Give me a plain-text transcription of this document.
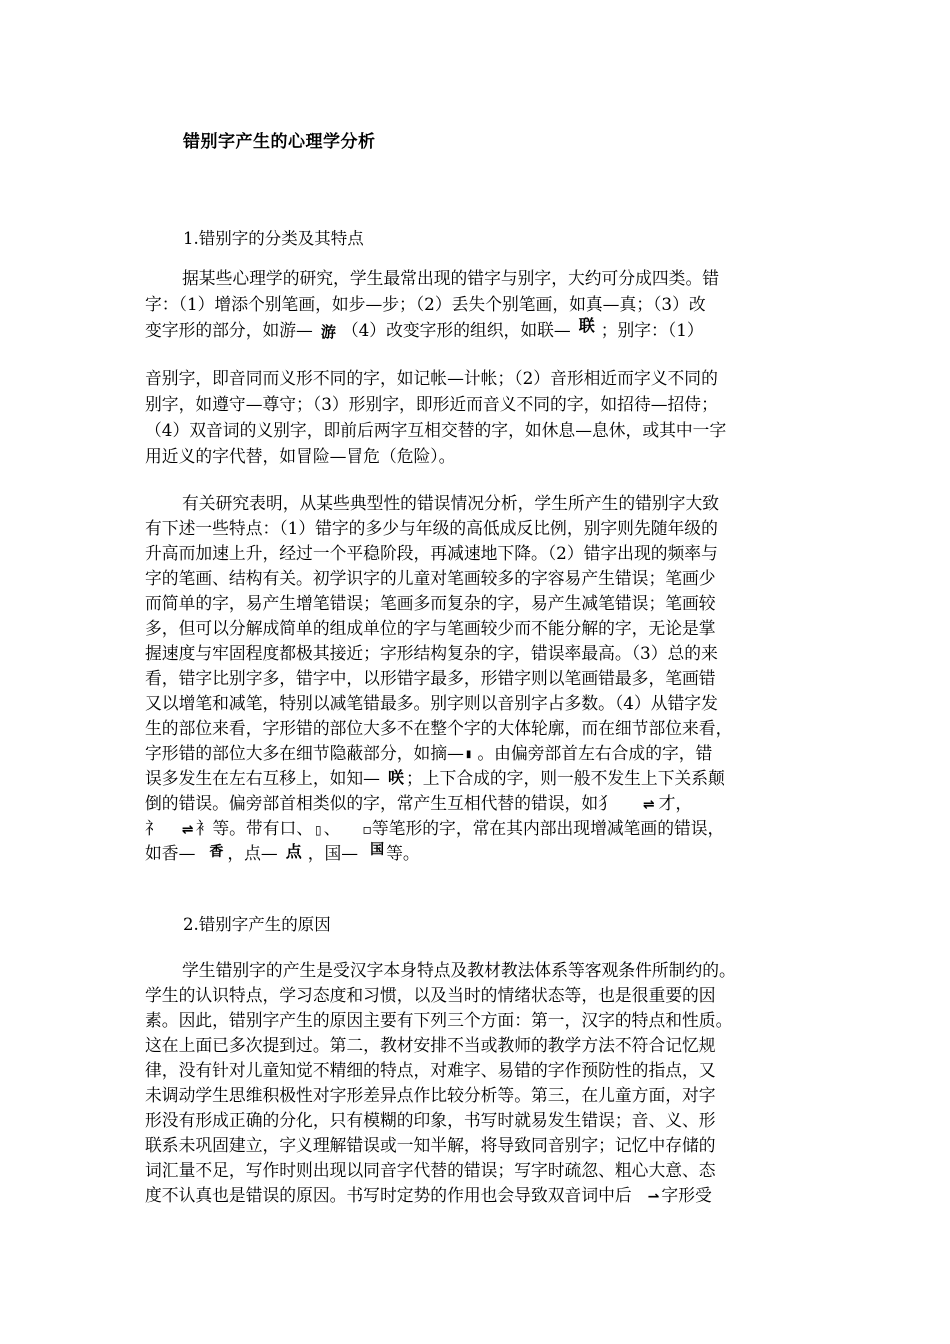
错别字产生的心理学分析
1.错别字的分类及其特点
据某些心理学的研究，学生最常出现的错字与别字，大约可分成四类。错
字：（1）增添个别笔画，如步—步；（2）丢失个别笔画，如真—真；（3）改
变字形的部分，如游— 游 （4）改变字形的组织，如联— 联 ；别字：（1）
音别字，即音同而义形不同的字，如记帐—计帐；（2）音形相近而字义不同的
别字，如遵守—尊守；（3）形别字，即形近而音义不同的字，如招待—招侍；
（4）双音词的义别字，即前后两字互相交替的字，如休息—息休，或其中一字
用近义的字代替，如冒险—冒危（危险）。
有关研究表明，从某些典型性的错误情况分析，学生所产生的错别字大致
有下述一些特点：（1）错字的多少与年级的高低成反比例，别字则先随年级的
升高而加速上升，经过一个平稳阶段，再减速地下降。（2）错字出现的频率与
字的笔画、结构有关。初学识字的儿童对笔画较多的字容易产生错误；笔画少
而简单的字，易产生增笔错误；笔画多而复杂的字，易产生减笔错误；笔画较
多，但可以分解成简单的组成单位的字与笔画较少而不能分解的字，无论是掌
握速度与牢固程度都极其接近；字形结构复杂的字，错误率最高。（3）总的来
看，错字比别字多，错字中，以形错字最多，形错字则以笔画错最多，笔画错
又以增笔和减笔，特别以减笔错最多。别字则以音别字占多数。（4）从错字发
生的部位来看，字形错的部位大多不在整个字的大体轮廓，而在细节部位来看，
字形错的部位大多在细节隐蔽部分，如摘— ▮ 。由偏旁部首左右合成的字，错
误多发生在左右互移上，如知— 咲 ；上下合成的字，则一般不发生上下关系颠
倒的错误。偏旁部首相类似的字，常产生互相代替的错误，如犭 ⇌ 才，
礻 ⇌ 衤等。带有口、 ▯ 、 ▫等笔形的字，常在其内部出现增减笔画的错误，
如香— 香 ，点— 点 ，国— 国 等。
2.错别字产生的原因
学生错别字的产生是受汉字本身特点及教材教法体系等客观条件所制约的。
学生的认识特点，学习态度和习惯，以及当时的情绪状态等，也是很重要的因
素。因此，错别字产生的原因主要有下列三个方面：第一，汉字的特点和性质。
这在上面已多次提到过。第二，教材安排不当或教师的教学方法不符合记忆规
律，没有针对儿童知觉不精细的特点，对难字、易错的字作预防性的指点，又
未调动学生思维积极性对字形差异点作比较分析等。第三，在儿童方面，对字
形没有形成正确的分化，只有模糊的印象，书写时就易发生错误；音、义、形
联系未巩固建立，字义理解错误或一知半解，将导致同音别字；记忆中存储的
词汇量不足，写作时则出现以同音字代替的错误；写字时疏忽、粗心大意、态
度不认真也是错误的原因。书写时定势的作用也会导致双音词中后 ⇀ 字形受
